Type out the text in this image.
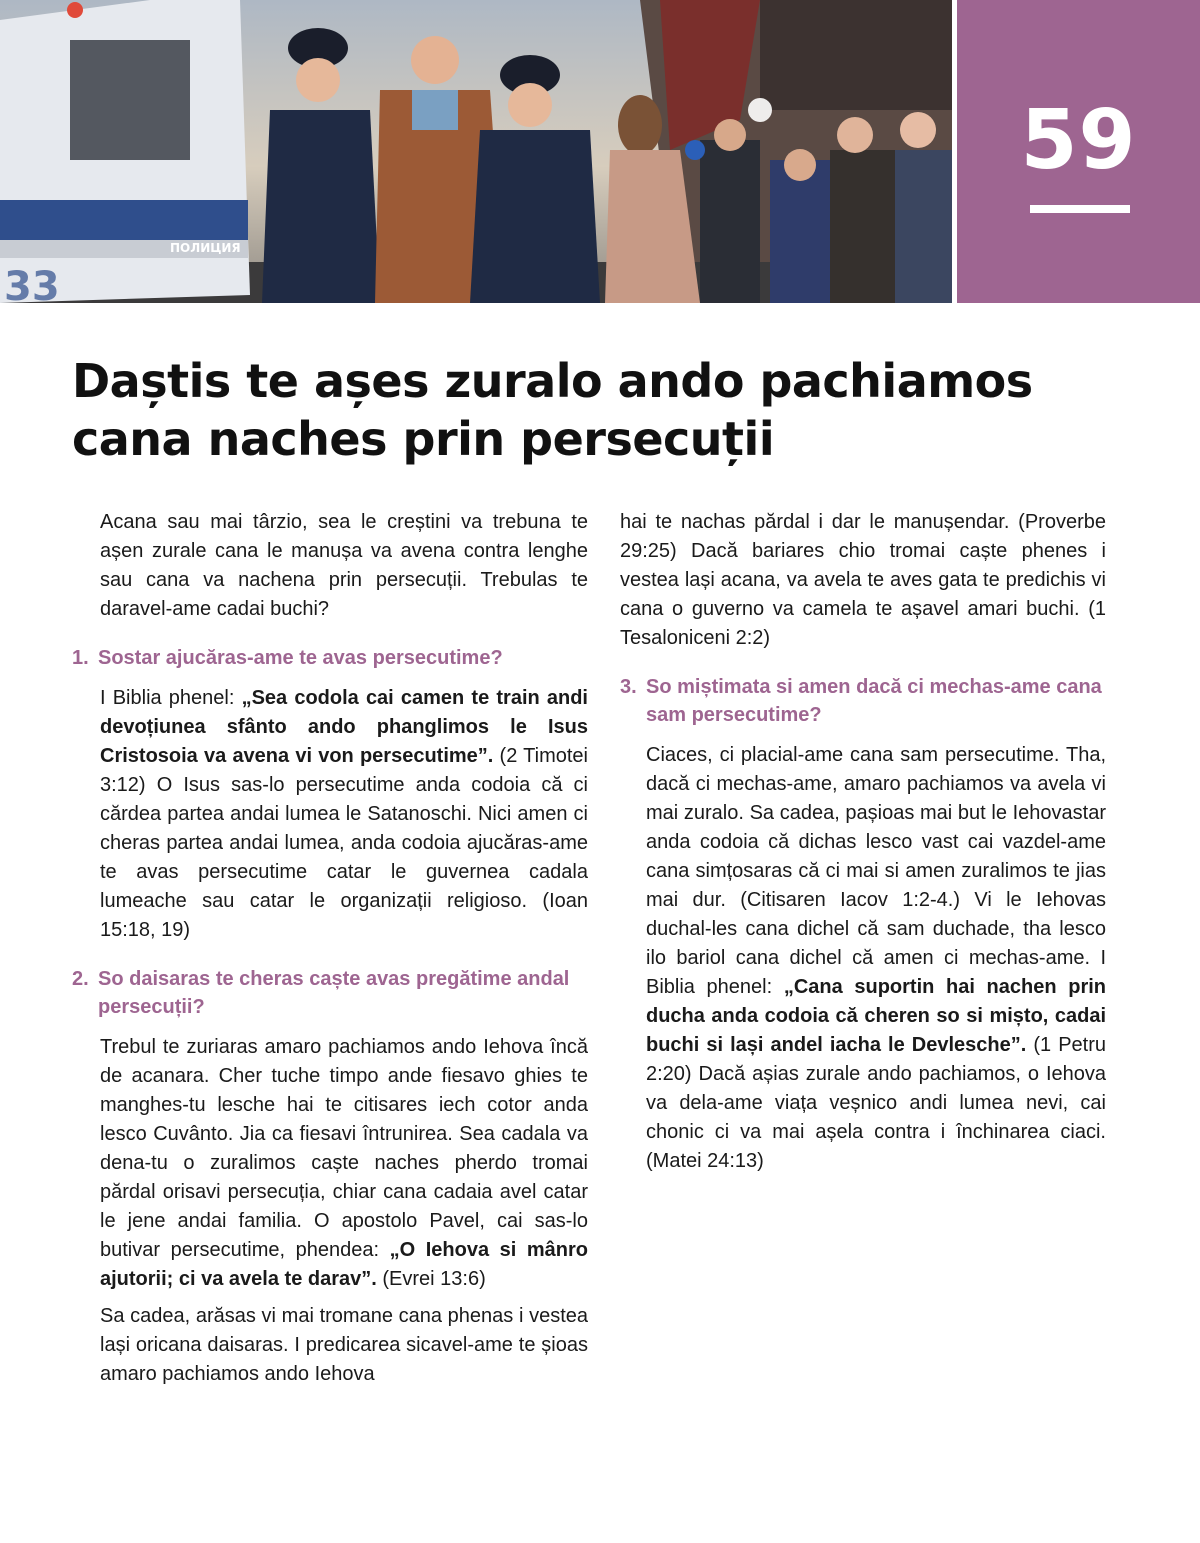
ПОЛИЦИЯ
33
59
Daștis te așes zuralo ando pachiamos
cana naches prin persecuții

Acana sau mai târzio, sea le creștini va trebuna te așen zurale cana le manușa va avena contra lenghe sau cana va nachena prin persecuții. Trebulas te daravel-ame cadai buchi?

1. Sostar ajucăras-ame te avas persecutime?

I Biblia phenel: „Sea codola cai camen te train andi devoțiunea sfânto ando phanglimos le Isus Cristosoia va avena vi von persecutime”. (2 Timotei 3:12) O Isus sas-lo persecutime anda codoia că ci cărdea partea andai lumea le Satanoschi. Nici amen ci cheras partea andai lumea, anda codoia ajucăras-ame te avas persecutime catar le guvernea cadala lumeache sau catar le organizații religioso. (Ioan 15:18, 19)

2. So daisaras te cheras caște avas pregătime andal persecuții?

Trebul te zuriaras amaro pachiamos ando Iehova încă de acanara. Cher tuche timpo ande fiesavo ghies te manghes-tu lesche hai te citisares iech cotor anda lesco Cuvânto. Jia ca fiesavi întrunirea. Sea cadala va dena-tu o zuralimos caște naches pherdo tromai părdal orisavi persecuția, chiar cana cadaia avel catar le jene andai familia. O apostolo Pavel, cai sas-lo butivar persecutime, phendea: „O Iehova si mânro ajutorii; ci va avela te darav”. (Evrei 13:6)

Sa cadea, arăsas vi mai tromane cana phenas i vestea lași oricana daisaras. I predicarea sicavel-ame te șioas amaro pachiamos ando Iehova

hai te nachas părdal i dar le manușendar. (Proverbe 29:25) Dacă bariares chio tromai caște phenes i vestea lași acana, va avela te aves gata te predichis vi cana o guverno va camela te așavel amari buchi. (1 Tesaloniceni 2:2)

3. So miștimata si amen dacă ci mechas-ame cana sam persecutime?

Ciaces, ci placial-ame cana sam persecutime. Tha, dacă ci mechas-ame, amaro pachiamos va avela vi mai zuralo. Sa cadea, pașioas mai but le Iehovastar anda codoia că dichas lesco vast cai vazdel-ame cana simțosaras că ci mai si amen zuralimos te jias mai dur. (Citisaren Iacov 1:2-4.) Vi le Iehovas duchal-les cana dichel că sam duchade, tha lesco ilo bariol cana dichel că amen ci mechas-ame. I Biblia phenel: „Cana suportin hai nachen prin ducha anda codoia că cheren so si miștо, cadai buchi si lași andel iacha le Devlesche”. (1 Petru 2:20) Dacă așias zurale ando pachiamos, o Iehova va dela-ame viața veșnico andi lumea nevi, cai chonic ci va mai așela contra i închinarea ciaci. (Matei 24:13)
